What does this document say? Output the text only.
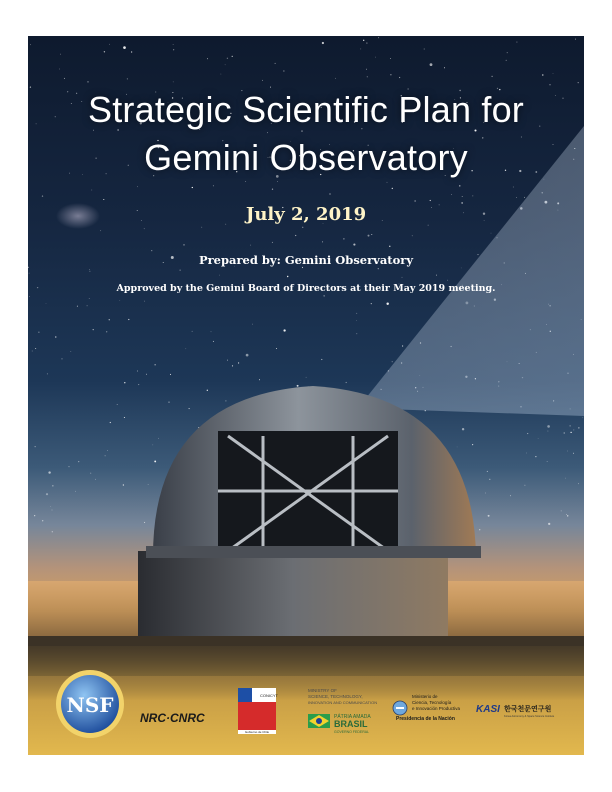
Strategic Scientific Plan for
Gemini Observatory
July 2, 2019
Prepared by: Gemini Observatory
Approved by the Gemini Board of Directors at their May 2019 meeting.
NSF
NRC·CNRC
CONICYT
Gobierno de Chile
MINISTRY OF
SCIENCE, TECHNOLOGY,
INNOVATION AND COMMUNICATION
PÁTRIA AMADA
BRASIL
GOVERNO FEDERAL
Ministerio de
Ciencia, Tecnología
e Innovación Productiva
Presidencia de la Nación
KASI 한국천문연구원
Korea Astronomy & Space Science Institute
